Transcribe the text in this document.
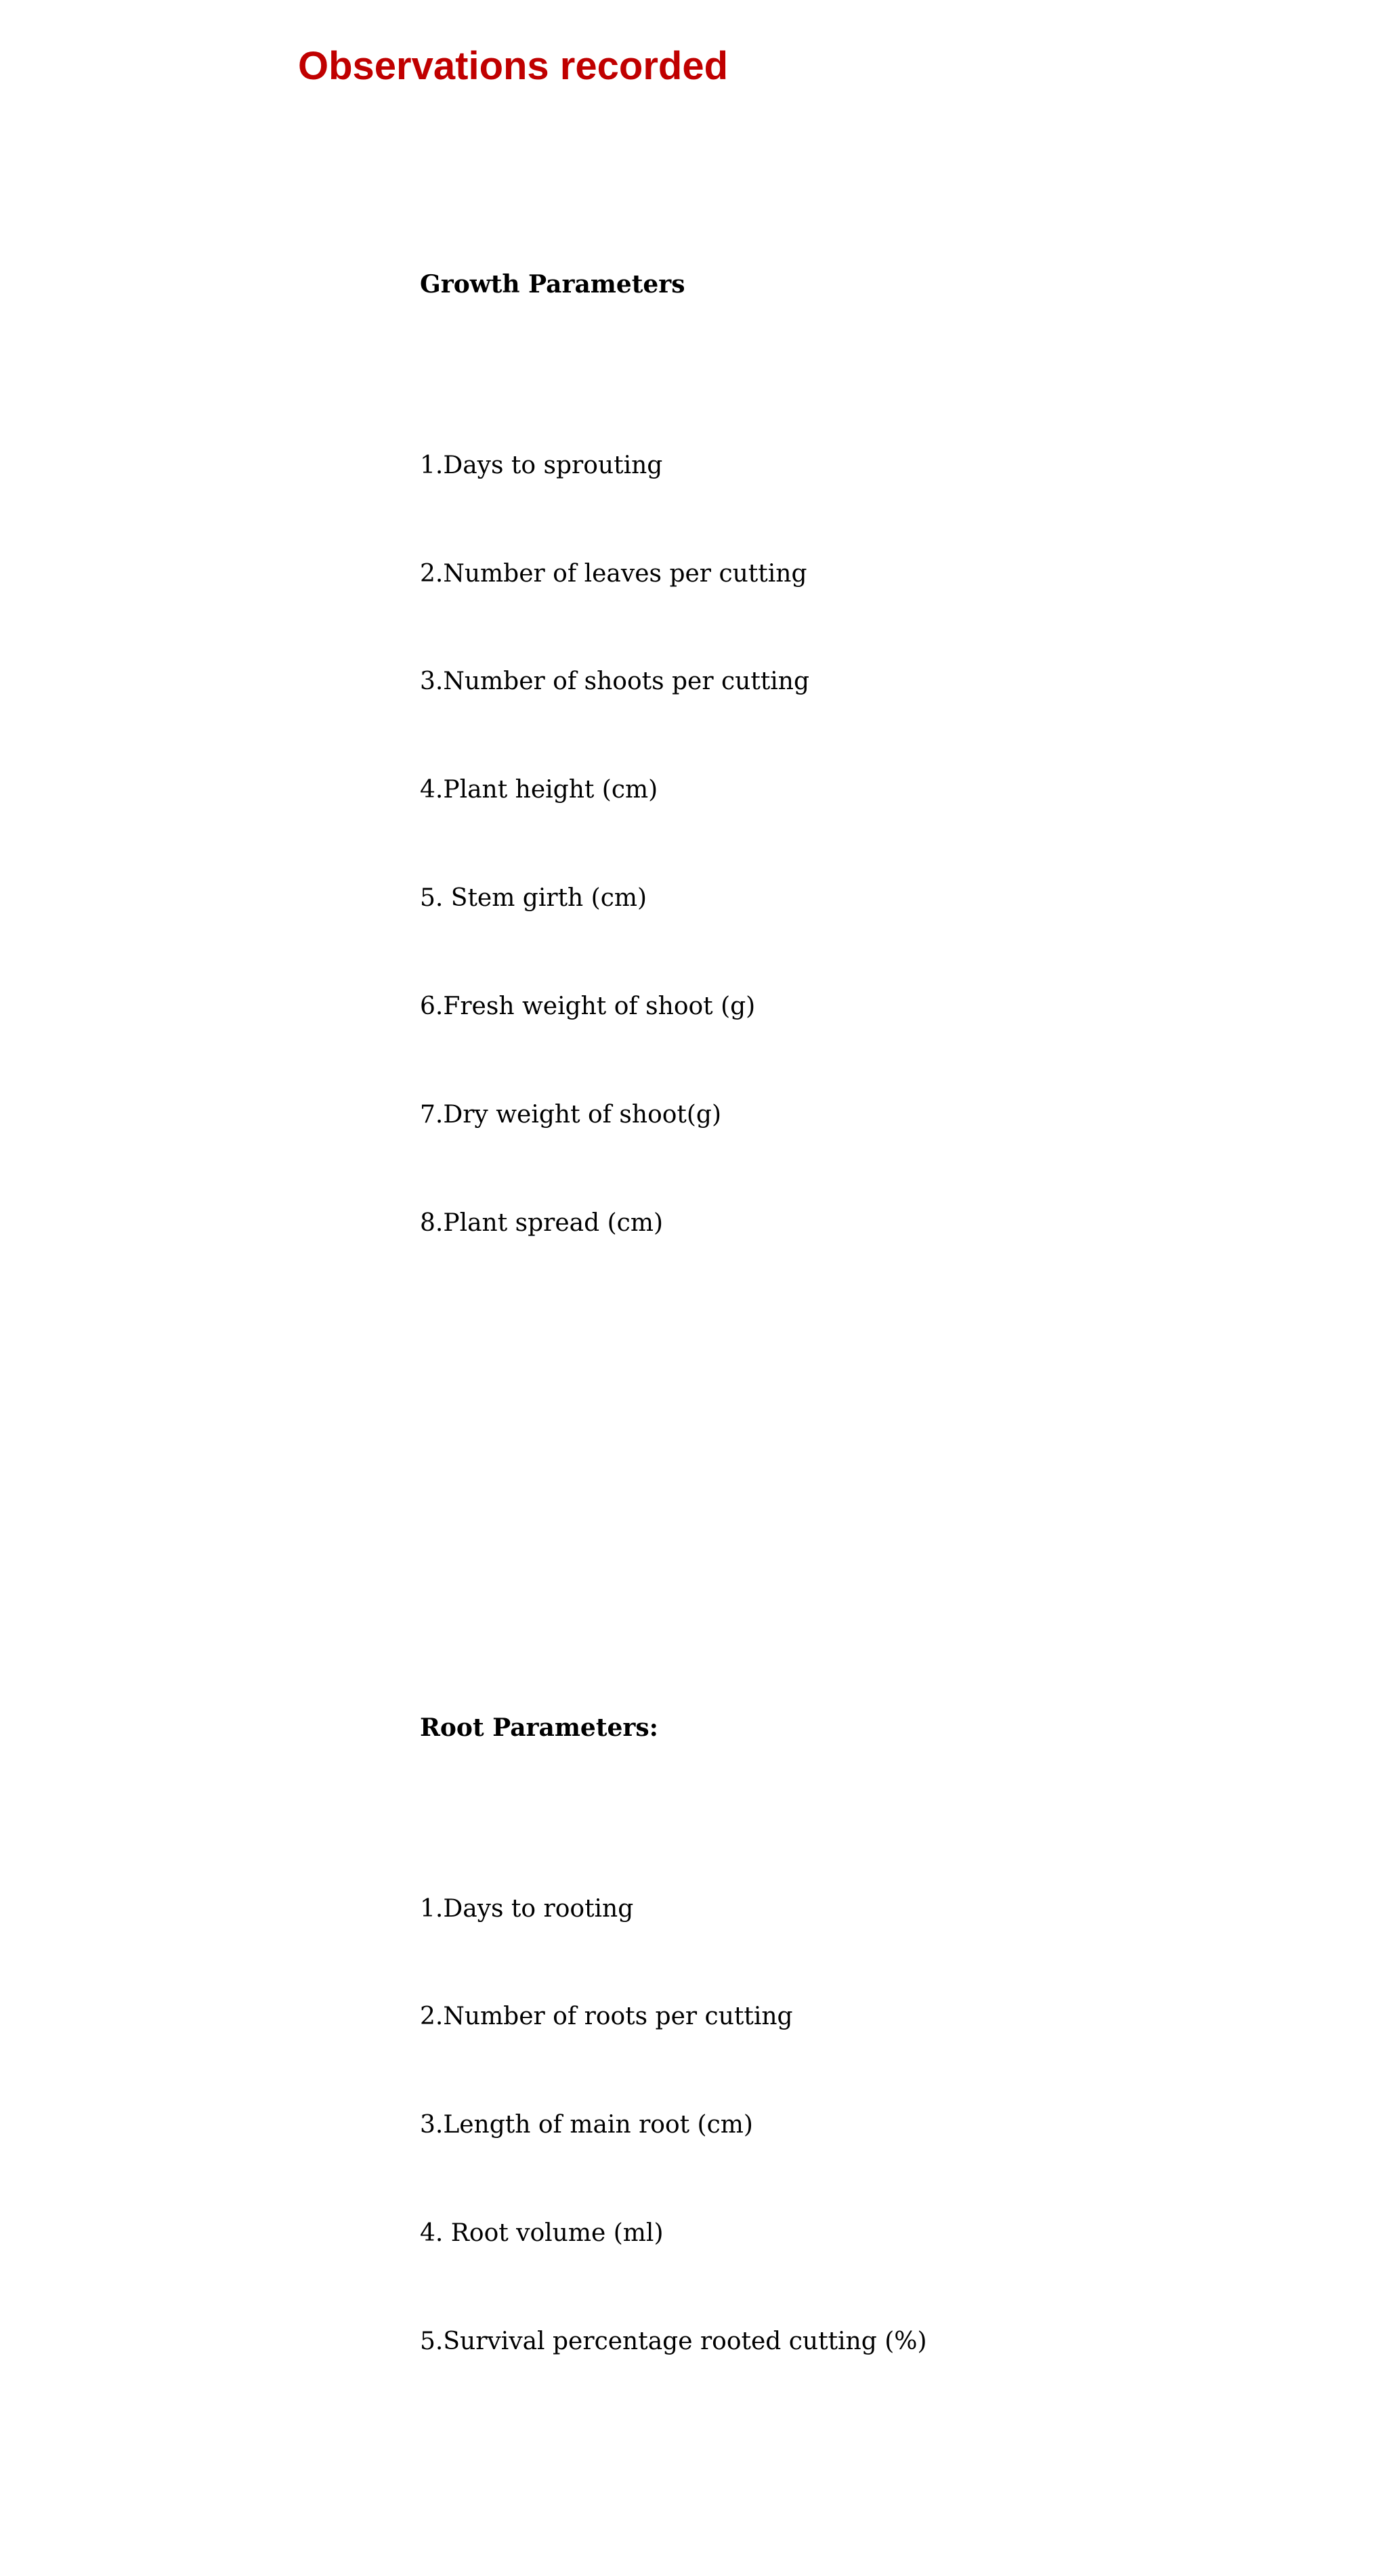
Observations recorded

Growth Parameters

1.Days to sprouting

2.Number of leaves per cutting

3.Number of shoots per cutting

4.Plant height (cm)

5. Stem girth (cm)

6.Fresh weight of shoot (g)

7.Dry weight of shoot(g)

8.Plant spread (cm)

Root Parameters:

1.Days to rooting

2.Number of roots per cutting

3.Length of main root (cm)

4. Root volume (ml)

5.Survival percentage rooted cutting (%)
